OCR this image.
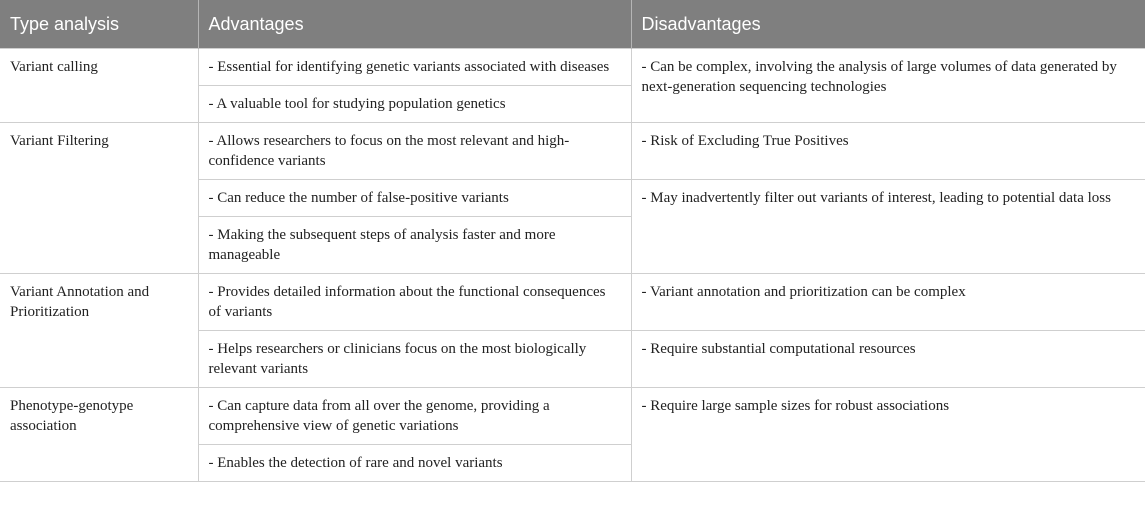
Type analysis	Advantages	Disadvantages
Variant calling	- Essential for identifying genetic variants associated with diseases	- Can be complex, involving the analysis of large volumes of data generated by next-generation sequencing technologies
	- A valuable tool for studying population genetics	
Variant Filtering	- Allows researchers to focus on the most relevant and high-confidence variants	- Risk of Excluding True Positives
	- Can reduce the number of false-positive variants	- May inadvertently filter out variants of interest, leading to potential data loss
	- Making the subsequent steps of analysis faster and more manageable	
Variant Annotation and Prioritization	- Provides detailed information about the functional consequences of variants	- Variant annotation and prioritization can be complex
	- Helps researchers or clinicians focus on the most biologically relevant variants	- Require substantial computational resources
Phenotype-genotype association	- Can capture data from all over the genome, providing a comprehensive view of genetic variations	- Require large sample sizes for robust associations
	- Enables the detection of rare and novel variants	
